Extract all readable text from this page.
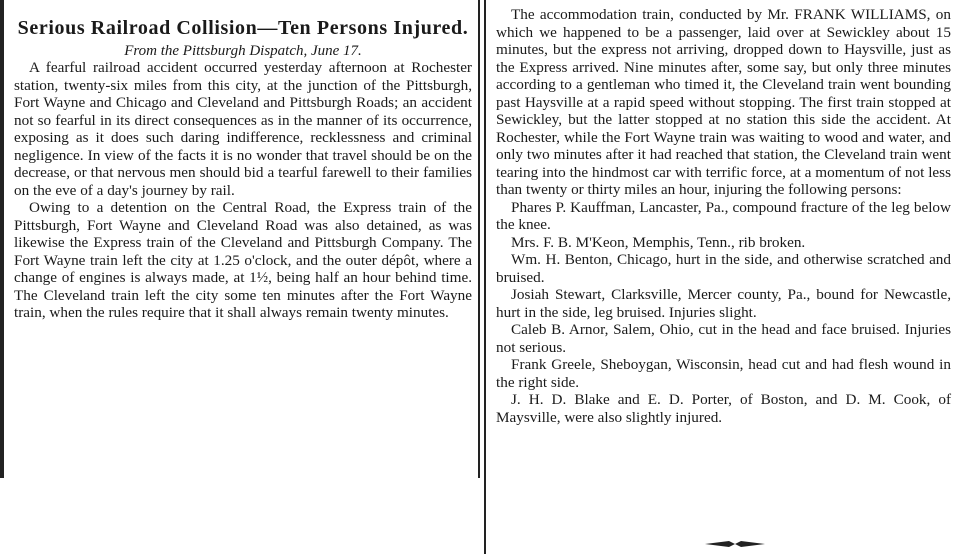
Serious Railroad Collision—Ten Persons Injured.
From the Pittsburgh Dispatch, June 17.

A fearful railroad accident occurred yesterday afternoon at Rochester station, twenty-six miles from this city, at the junction of the Pittsburgh, Fort Wayne and Chicago and Cleveland and Pittsburgh Roads; an accident not so fearful in its direct consequences as in the manner of its occurrence, exposing as it does such daring indifference, recklessness and criminal negligence. In view of the facts it is no wonder that travel should be on the decrease, or that nervous men should bid a tearful farewell to their families on the eve of a day's journey by rail.

Owing to a detention on the Central Road, the Express train of the Pittsburgh, Fort Wayne and Cleveland Road was also detained, as was likewise the Express train of the Cleveland and Pittsburgh Company. The Fort Wayne train left the city at 1.25 o'clock, and the outer dépôt, where a change of engines is always made, at 1½, being half an hour behind time. The Cleveland train left the city some ten minutes after the Fort Wayne train, when the rules require that it shall always remain twenty minutes.

The accommodation train, conducted by Mr. FRANK WILLIAMS, on which we happened to be a passenger, laid over at Sewickley about 15 minutes, but the express not arriving, dropped down to Haysville, just as the Express arrived. Nine minutes after, some say, but only three minutes according to a gentleman who timed it, the Cleveland train went bounding past Haysville at a rapid speed without stopping. The first train stopped at Sewickley, but the latter stopped at no station this side the accident. At Rochester, while the Fort Wayne train was waiting to wood and water, and only two minutes after it had reached that station, the Cleveland train went tearing into the hindmost car with terrific force, at a momentum of not less than twenty or thirty miles an hour, injuring the following persons:

Phares P. Kauffman, Lancaster, Pa., compound fracture of the leg below the knee.

Mrs. F. B. M'Keon, Memphis, Tenn., rib broken.

Wm. H. Benton, Chicago, hurt in the side, and otherwise scratched and bruised.

Josiah Stewart, Clarksville, Mercer county, Pa., bound for Newcastle, hurt in the side, leg bruised. Injuries slight.

Caleb B. Arnor, Salem, Ohio, cut in the head and face bruised. Injuries not serious.

Frank Greele, Sheboygan, Wisconsin, head cut and had flesh wound in the right side.

J. H. D. Blake and E. D. Porter, of Boston, and D. M. Cook, of Maysville, were also slightly injured.
